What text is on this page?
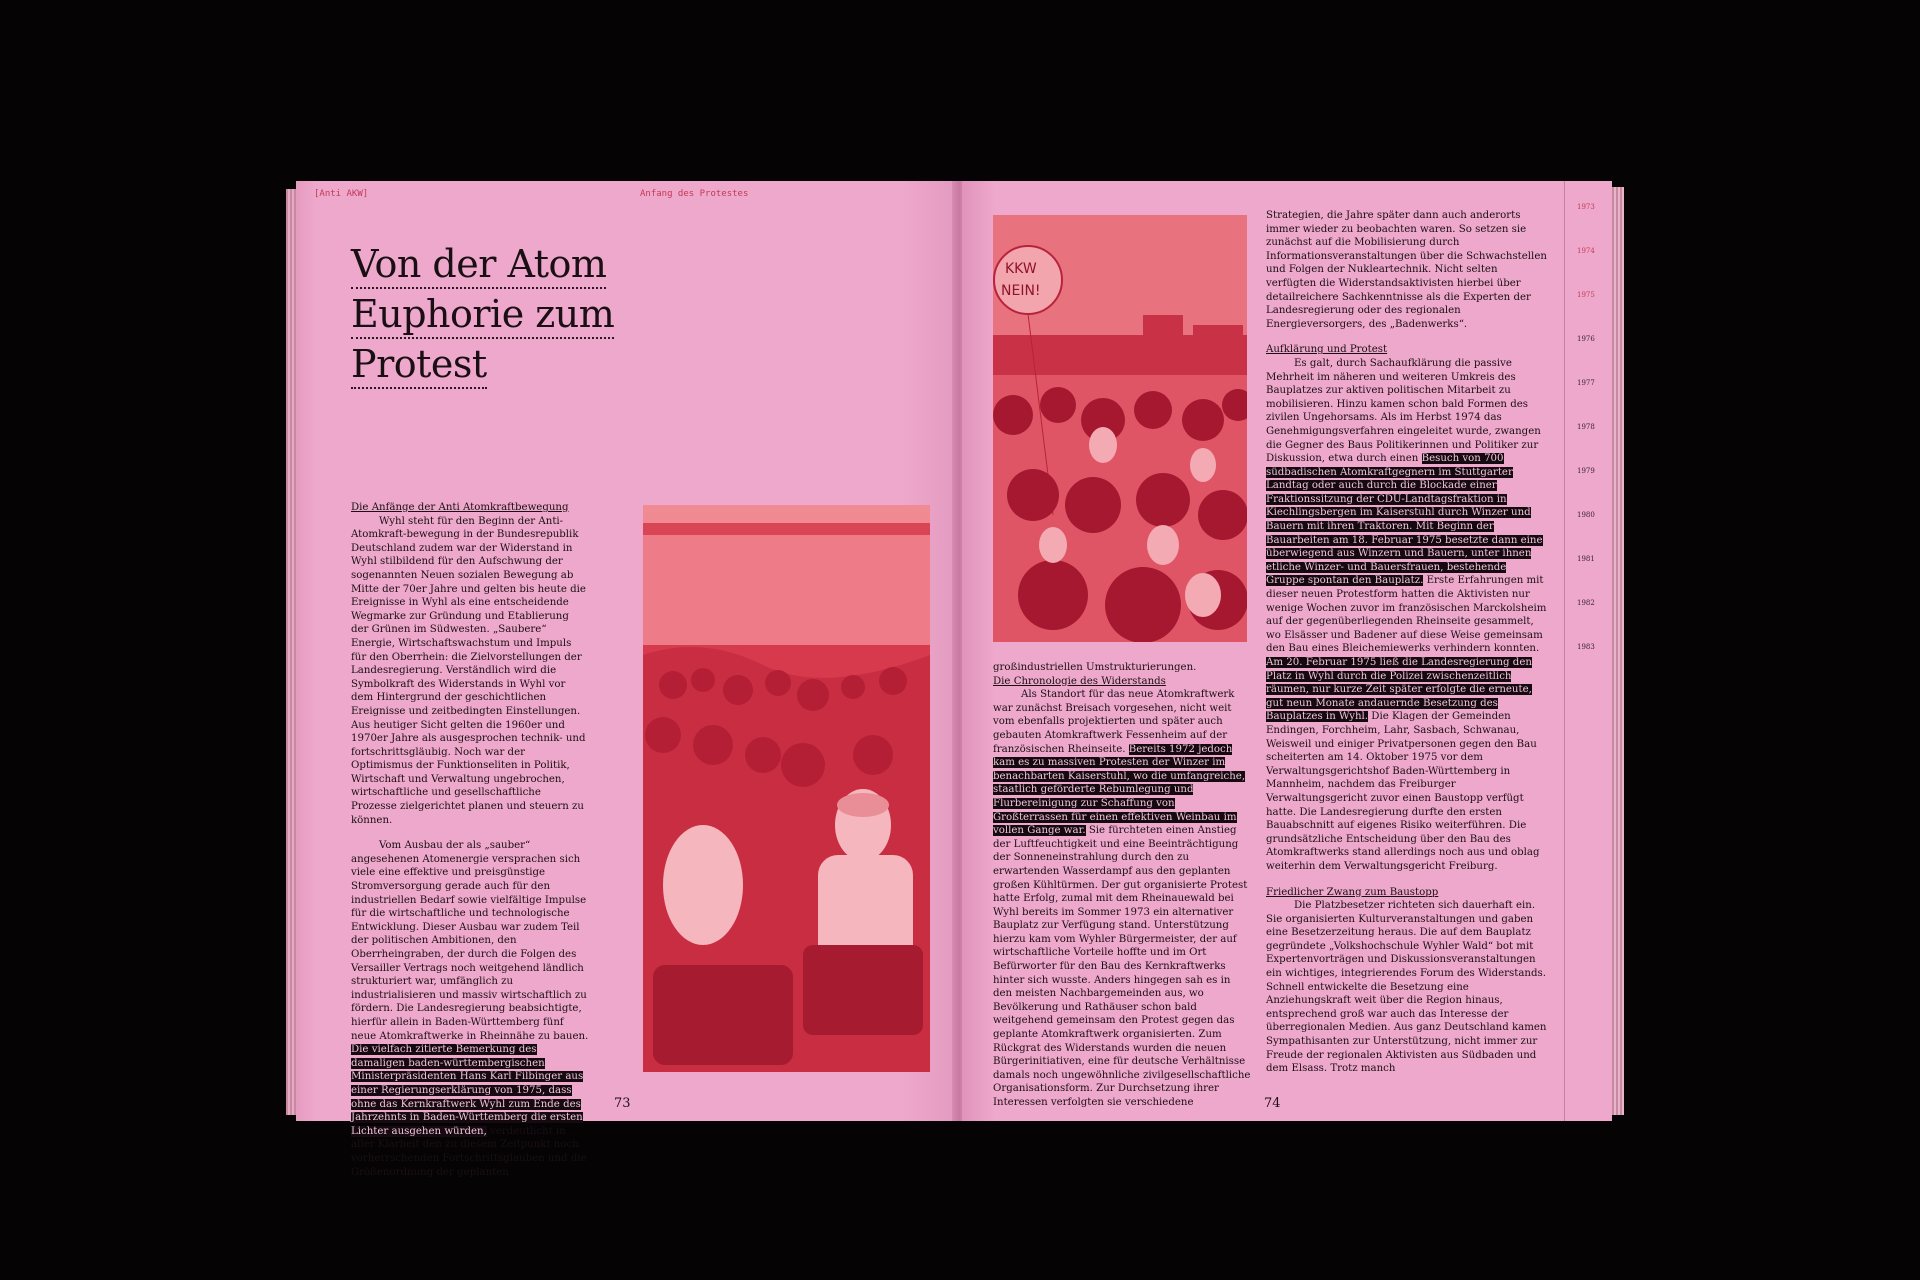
[Anti AKW]	Anfang des Protestes
Von der Atom
Euphorie zum
Protest
Die Anfänge der Anti Atomkraftbewegung

Wyhl steht für den Beginn der Anti-Atomkraft-bewegung in der Bundesrepublik Deutschland zudem war der Widerstand in Wyhl stilbildend für den Aufschwung der sogenannten Neuen sozialen Bewegung ab Mitte der 70er Jahre und gelten bis heute die Ereignisse in Wyhl als eine entscheidende Wegmarke zur Gründung und Etablierung der Grünen im Südwesten. „Saubere“ Energie, Wirtschaftswachstum und Impuls für den Oberrhein: die Zielvorstellungen der Landesregierung. Verständlich wird die Symbolkraft des Widerstands in Wyhl vor dem Hintergrund der geschichtlichen Ereignisse und zeitbedingten Einstellungen. Aus heutiger Sicht gelten die 1960er und 1970er Jahre als ausgesprochen technik- und fortschrittsgläubig. Noch war der Optimismus der Funktionseliten in Politik, Wirtschaft und Verwaltung ungebrochen, wirtschaftliche und gesellschaftliche Prozesse zielgerichtet planen und steuern zu können.

Vom Ausbau der als „sauber“ angesehenen Atomenergie versprachen sich viele eine effektive und preisgünstige Stromversorgung gerade auch für den industriellen Bedarf sowie vielfältige Impulse für die wirtschaftliche und technologische Entwicklung. Dieser Ausbau war zudem Teil der politischen Ambitionen, den Oberrheingraben, der durch die Folgen des Versailler Vertrags noch weitgehend ländlich strukturiert war, umfänglich zu industrialisieren und massiv wirtschaftlich zu fördern. Die Landesregierung beabsichtigte, hierfür allein in Baden-Württemberg fünf neue Atomkraftwerke in Rheinnähe zu bauen. Die vielfach zitierte Bemerkung des damaligen baden-württembergischen Ministerpräsidenten Hans Karl Filbinger aus einer Regierungserklärung von 1975, dass ohne das Kernkraftwerk Wyhl zum Ende des Jahrzehnts in Baden-Württemberg die ersten Lichter ausgehen würden, verdeutlicht in aller Klarheit den zu diesem Zeitpunkt noch vorherrschenden Fortschrittsglauben und die Größenordnung der geplanten

73
KKW
NEIN!
großindustriellen Umstrukturierungen.
Die Chronologie des Widerstands

Als Standort für das neue Atomkraftwerk war zunächst Breisach vorgesehen, nicht weit vom ebenfalls projektierten und später auch gebauten Atomkraftwerk Fessenheim auf der französischen Rheinseite. Bereits 1972 jedoch kam es zu massiven Protesten der Winzer im benachbarten Kaiserstuhl, wo die umfangreiche, staatlich geförderte Rebumlegung und Flurbereinigung zur Schaffung von Großterrassen für einen effektiven Weinbau im vollen Gange war. Sie fürchteten einen Anstieg der Luftfeuchtigkeit und eine Beeinträchtigung der Sonneneinstrahlung durch den zu erwartenden Wasserdampf aus den geplanten großen Kühltürmen. Der gut organisierte Protest hatte Erfolg, zumal mit dem Rheinauewald bei Wyhl bereits im Sommer 1973 ein alternativer Bauplatz zur Verfügung stand. Unterstützung hierzu kam vom Wyhler Bürgermeister, der auf wirtschaftliche Vorteile hoffte und im Ort Befürworter für den Bau des Kernkraftwerks hinter sich wusste. Anders hingegen sah es in den meisten Nachbargemeinden aus, wo Bevölkerung und Rathäuser schon bald weitgehend gemeinsam den Protest gegen das geplante Atomkraftwerk organisierten. Zum Rückgrat des Widerstands wurden die neuen Bürgerinitiativen, eine für deutsche Verhältnisse damals noch ungewöhnliche zivilgesellschaftliche Organisationsform. Zur Durchsetzung ihrer Interessen verfolgten sie verschiedene

Strategien, die Jahre später dann auch anderorts immer wieder zu beobachten waren. So setzen sie zunächst auf die Mobilisierung durch Informationsveranstaltungen über die Schwachstellen und Folgen der Nukleartechnik. Nicht selten verfügten die Widerstandsaktivisten hierbei über detailreichere Sachkenntnisse als die Experten der Landesregierung oder des regionalen Energieversorgers, des „Badenwerks“.

Aufklärung und Protest

Es galt, durch Sachaufklärung die passive Mehrheit im näheren und weiteren Umkreis des Bauplatzes zur aktiven politischen Mitarbeit zu mobilisieren. Hinzu kamen schon bald Formen des zivilen Ungehorsams. Als im Herbst 1974 das Genehmigungsverfahren eingeleitet wurde, zwangen die Gegner des Baus Politikerinnen und Politiker zur Diskussion, etwa durch einen Besuch von 700 südbadischen Atomkraftgegnern im Stuttgarter Landtag oder auch durch die Blockade einer Fraktionssitzung der CDU-Landtagsfraktion in Kiechlingsbergen im Kaiserstuhl durch Winzer und Bauern mit ihren Traktoren. Mit Beginn der Bauarbeiten am 18. Februar 1975 besetzte dann eine überwiegend aus Winzern und Bauern, unter ihnen etliche Winzer- und Bauersfrauen, bestehende Gruppe spontan den Bauplatz. Erste Erfahrungen mit dieser neuen Protestform hatten die Aktivisten nur wenige Wochen zuvor im französischen Marckolsheim auf der gegenüberliegenden Rheinseite gesammelt, wo Elsässer und Badener auf diese Weise gemeinsam den Bau eines Bleichemiewerks verhindern konnten. Am 20. Februar 1975 ließ die Landesregierung den Platz in Wyhl durch die Polizei zwischenzeitlich räumen, nur kurze Zeit später erfolgte die erneute, gut neun Monate andauernde Besetzung des Bauplatzes in Wyhl. Die Klagen der Gemeinden Endingen, Forchheim, Lahr, Sasbach, Schwanau, Weisweil und einiger Privatpersonen gegen den Bau scheiterten am 14. Oktober 1975 vor dem Verwaltungsgerichtshof Baden-Württemberg in Mannheim, nachdem das Freiburger Verwaltungsgericht zuvor einen Baustopp verfügt hatte. Die Landesregierung durfte den ersten Bauabschnitt auf eigenes Risiko weiterführen. Die grundsätzliche Entscheidung über den Bau des Atomkraftwerks stand allerdings noch aus und oblag weiterhin dem Verwaltungsgericht Freiburg.

Friedlicher Zwang zum Baustopp

Die Platzbesetzer richteten sich dauerhaft ein. Sie organisierten Kulturveranstaltungen und gaben eine Besetzerzeitung heraus. Die auf dem Bauplatz gegründete „Volkshochschule Wyhler Wald“ bot mit Expertenvorträgen und Diskussionsveranstaltungen ein wichtiges, integrierendes Forum des Widerstands. Schnell entwickelte die Besetzung eine Anziehungskraft weit über die Region hinaus, entsprechend groß war auch das Interesse der überregionalen Medien. Aus ganz Deutschland kamen Sympathisanten zur Unterstützung, nicht immer zur Freude der regionalen Aktivisten aus Südbaden und dem Elsass. Trotz manch

74
1973
1974
1975
1976
1977
1978
1979
1980
1981
1982
1983
